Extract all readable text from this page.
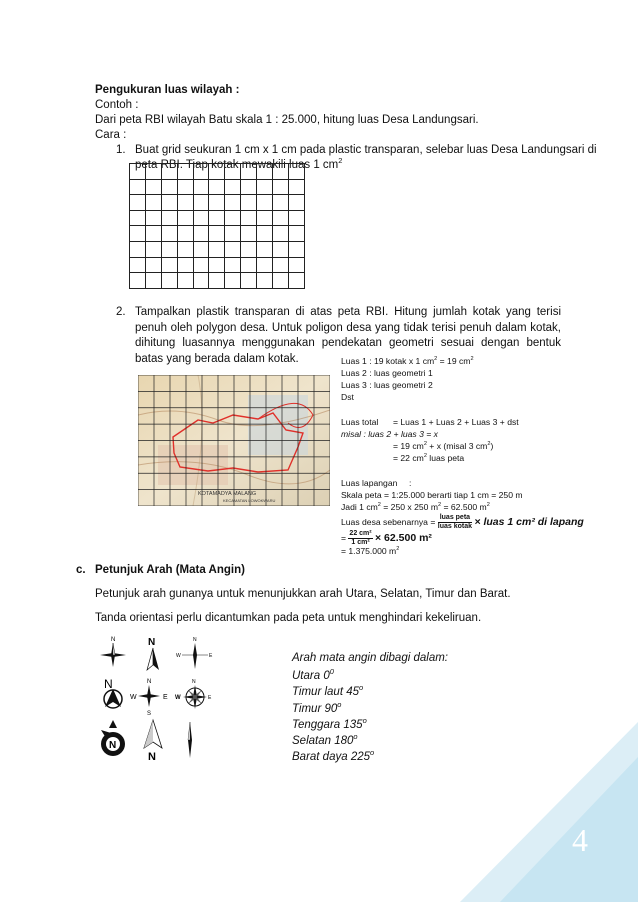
Pengukuran luas wilayah :
Contoh :
Dari peta RBI wilayah Batu skala 1 : 25.000, hitung luas Desa Landungsari.
Cara :
1. Buat grid seukuran 1 cm x 1 cm pada plastic transparan, selebar luas Desa Landungsari di
peta RBI. Tiap kotak mewakili luas 1 $cm^2$

2. Tampalkan plastik transparan di atas peta RBI. Hitung jumlah kotak yang terisi penuh oleh polygon desa. Untuk poligon desa yang tidak terisi penuh dalam kotak, dihitung luasannya menggunakan pendekatan geometri sesuai dengan bentuk batas yang berada dalam kotak.
KOTAMADYA MALANG
KECAMATAN LOWOKWARU
Luas 1 : 19 kotak x 1 $cm^2 = 19$ $cm^2$
Luas 2 : luas geometri 1
Luas 3 : luas geometri 2
Dst
Luas total = Luas 1 + Luas 2 + Luas 3 + dst
misal : luas 2 + luas 3 = x
= 19 $cm^2 + x$ (misal 3 $cm^2$)
= 22 $cm^2$ luas peta
Luas lapangan :
Skala peta = 1:25.000 berarti tiap 1 cm = 250 m
Jadi 1 $cm^2 = 250$ x 250 $m^2 = 62.500$ $m^2$
Luas desa sebenarnya = $\frac{\text{luas peta}}{\text{luas kotak}}$ × luas 1 cm² di lapang
= $\frac{\text{22 cm²}}{\text{1 cm²}} \times 62.500$ m²
= 1.375.000 $m^2$
c. Petunjuk Arah (Mata Angin)
Petunjuk arah gunanya untuk menunjukkan arah Utara, Selatan, Timur dan Barat.
Tanda orientasi perlu dicantumkan pada peta untuk menghindari kekeliruan.
N	N	N
W	E
N	N
W	E
S
N
W	E
N
N
Arah mata angin dibagi dalam:
Utara $0^0$
Timur laut 45$^o$
Timur 90$^o$
Tenggara 135$^o$
Selatan 180$^o$
Barat daya 225$^o$
4
